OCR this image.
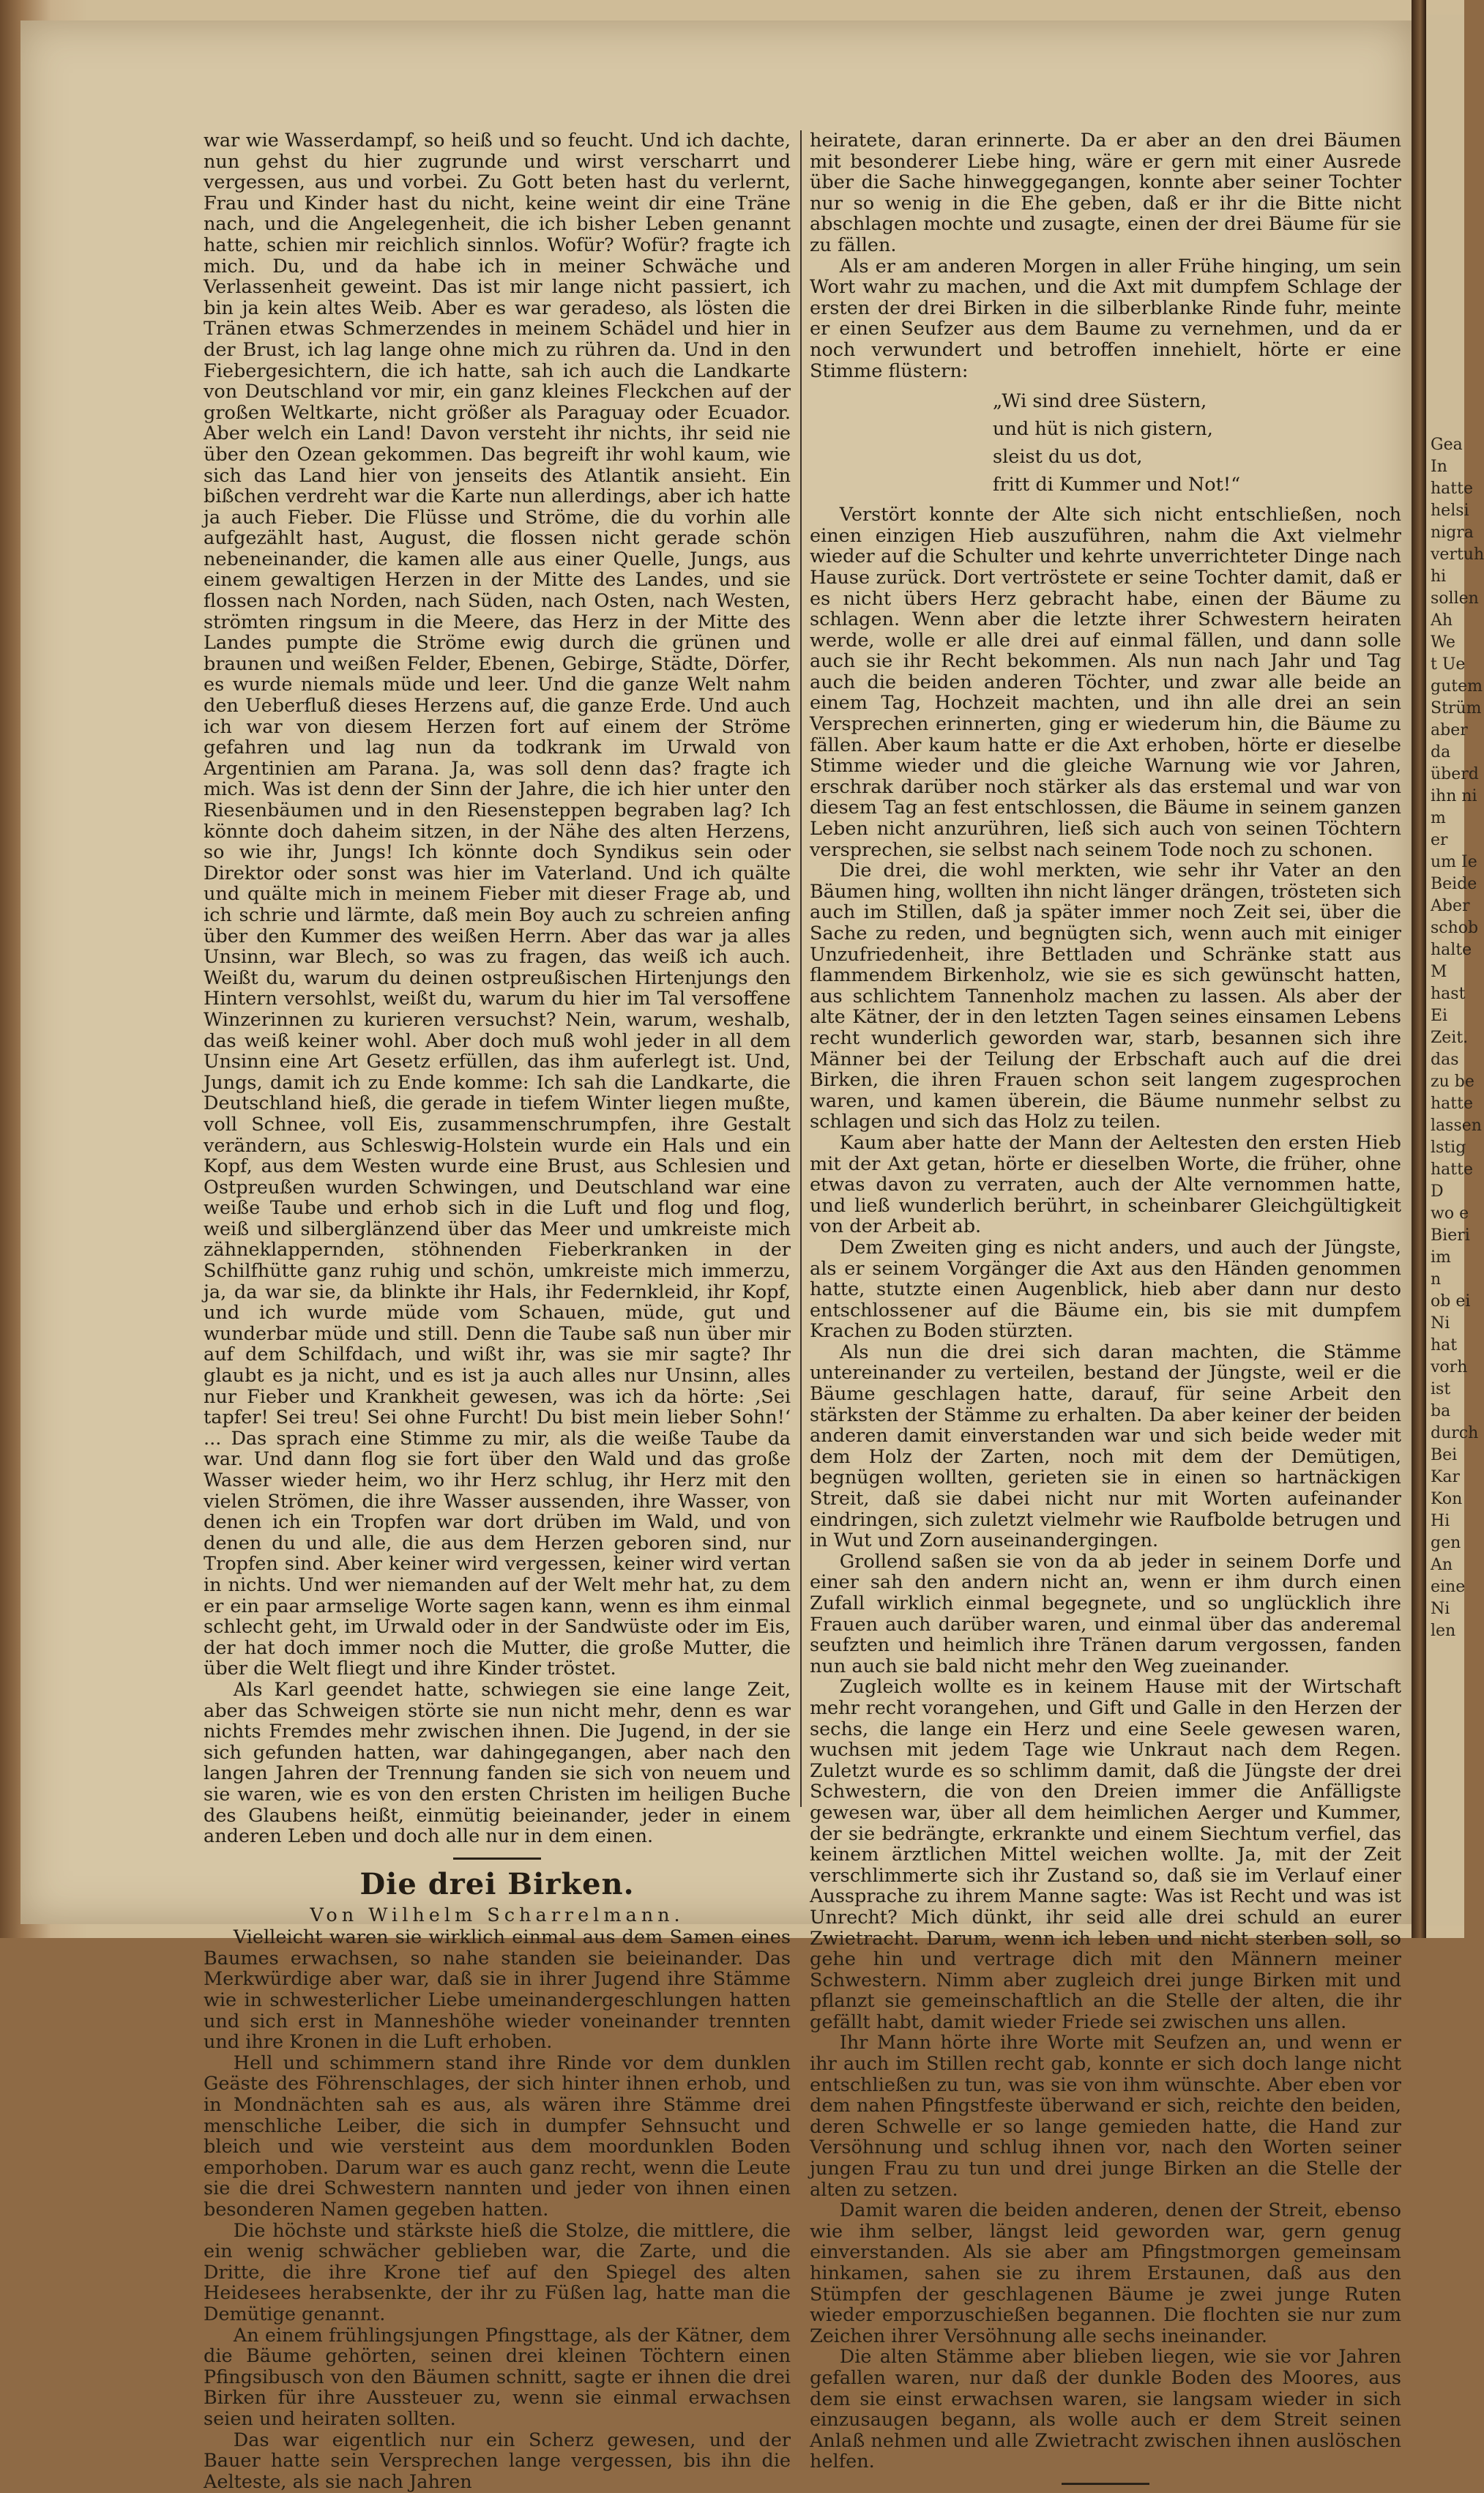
Gea
In
hatte
helsi
nigra
vertuh
hi
sollen
Ah
We
t Ue
gutem
Strüm
aber
da
überd
ihn ni
m
er
um Ie
Beide
Aber
schob
halte
M
hast
Ei
Zeit.
das
zu be
hatte
lassen
lstig
hatte
D
wo e
Bieri
im
n
ob ei
Ni
hat
vorh
ist
ba
durch
Bei
Kar
Kon
Hi
gen
An
eine
Ni
len

war wie Wasserdampf, so heiß und so feucht. Und ich dachte, nun gehst du hier zugrunde und wirst verscharrt und vergessen, aus und vorbei. Zu Gott beten hast du verlernt, Frau und Kinder hast du nicht, keine weint dir eine Träne nach, und die Angelegenheit, die ich bisher Leben genannt hatte, schien mir reichlich sinnlos. Wofür? Wofür? fragte ich mich. Du, und da habe ich in meiner Schwäche und Verlassenheit geweint. Das ist mir lange nicht passiert, ich bin ja kein altes Weib. Aber es war geradeso, als lösten die Tränen etwas Schmerzendes in meinem Schädel und hier in der Brust, ich lag lange ohne mich zu rühren da. Und in den Fiebergesichtern, die ich hatte, sah ich auch die Landkarte von Deutschland vor mir, ein ganz kleines Fleckchen auf der großen Weltkarte, nicht größer als Paraguay oder Ecuador. Aber welch ein Land! Davon versteht ihr nichts, ihr seid nie über den Ozean gekommen. Das begreift ihr wohl kaum, wie sich das Land hier von jenseits des Atlantik ansieht. Ein bißchen verdreht war die Karte nun allerdings, aber ich hatte ja auch Fieber. Die Flüsse und Ströme, die du vorhin alle aufgezählt hast, August, die flossen nicht gerade schön nebeneinander, die kamen alle aus einer Quelle, Jungs, aus einem gewaltigen Herzen in der Mitte des Landes, und sie flossen nach Norden, nach Süden, nach Osten, nach Westen, strömten ringsum in die Meere, das Herz in der Mitte des Landes pumpte die Ströme ewig durch die grünen und braunen und weißen Felder, Ebenen, Gebirge, Städte, Dörfer, es wurde niemals müde und leer. Und die ganze Welt nahm den Ueberfluß dieses Herzens auf, die ganze Erde. Und auch ich war von diesem Herzen fort auf einem der Ströme gefahren und lag nun da todkrank im Urwald von Argentinien am Parana. Ja, was soll denn das? fragte ich mich. Was ist denn der Sinn der Jahre, die ich hier unter den Riesenbäumen und in den Riesensteppen begraben lag? Ich könnte doch daheim sitzen, in der Nähe des alten Herzens, so wie ihr, Jungs! Ich könnte doch Syndikus sein oder Direktor oder sonst was hier im Vaterland. Und ich quälte und quälte mich in meinem Fieber mit dieser Frage ab, und ich schrie und lärmte, daß mein Boy auch zu schreien anfing über den Kummer des weißen Herrn. Aber das war ja alles Unsinn, war Blech, so was zu fragen, das weiß ich auch. Weißt du, warum du deinen ostpreußischen Hirtenjungs den Hintern versohlst, weißt du, warum du hier im Tal versoffene Winzerinnen zu kurieren versuchst? Nein, warum, weshalb, das weiß keiner wohl. Aber doch muß wohl jeder in all dem Unsinn eine Art Gesetz erfüllen, das ihm auferlegt ist. Und, Jungs, damit ich zu Ende komme: Ich sah die Landkarte, die Deutschland hieß, die gerade in tiefem Winter liegen mußte, voll Schnee, voll Eis, zusammenschrumpfen, ihre Gestalt verändern, aus Schleswig-Holstein wurde ein Hals und ein Kopf, aus dem Westen wurde eine Brust, aus Schlesien und Ostpreußen wurden Schwingen, und Deutschland war eine weiße Taube und erhob sich in die Luft und flog und flog, weiß und silberglänzend über das Meer und umkreiste mich zähneklappernden, stöhnenden Fieberkranken in der Schilfhütte ganz ruhig und schön, umkreiste mich immerzu, ja, da war sie, da blinkte ihr Hals, ihr Federnkleid, ihr Kopf, und ich wurde müde vom Schauen, müde, gut und wunderbar müde und still. Denn die Taube saß nun über mir auf dem Schilfdach, und wißt ihr, was sie mir sagte? Ihr glaubt es ja nicht, und es ist ja auch alles nur Unsinn, alles nur Fieber und Krankheit gewesen, was ich da hörte: ‚Sei tapfer! Sei treu! Sei ohne Furcht! Du bist mein lieber Sohn!‘ ... Das sprach eine Stimme zu mir, als die weiße Taube da war. Und dann flog sie fort über den Wald und das große Wasser wieder heim, wo ihr Herz schlug, ihr Herz mit den vielen Strömen, die ihre Wasser aussenden, ihre Wasser, von denen ich ein Tropfen war dort drüben im Wald, und von denen du und alle, die aus dem Herzen geboren sind, nur Tropfen sind. Aber keiner wird vergessen, keiner wird vertan in nichts. Und wer niemanden auf der Welt mehr hat, zu dem er ein paar armselige Worte sagen kann, wenn es ihm einmal schlecht geht, im Urwald oder in der Sandwüste oder im Eis, der hat doch immer noch die Mutter, die große Mutter, die über die Welt fliegt und ihre Kinder tröstet.

Als Karl geendet hatte, schwiegen sie eine lange Zeit, aber das Schweigen störte sie nun nicht mehr, denn es war nichts Fremdes mehr zwischen ihnen. Die Jugend, in der sie sich gefunden hatten, war dahingegangen, aber nach den langen Jahren der Trennung fanden sie sich von neuem und sie waren, wie es von den ersten Christen im heiligen Buche des Glaubens heißt, einmütig beieinander, jeder in einem anderen Leben und doch alle nur in dem einen.

Die drei Birken.
Von Wilhelm Scharrelmann.

Vielleicht waren sie wirklich einmal aus dem Samen eines Baumes erwachsen, so nahe standen sie beieinander. Das Merkwürdige aber war, daß sie in ihrer Jugend ihre Stämme wie in schwesterlicher Liebe umeinandergeschlungen hatten und sich erst in Manneshöhe wieder voneinander trennten und ihre Kronen in die Luft erhoben.

Hell und schimmern stand ihre Rinde vor dem dunklen Geäste des Föhrenschlages, der sich hinter ihnen erhob, und in Mondnächten sah es aus, als wären ihre Stämme drei menschliche Leiber, die sich in dumpfer Sehnsucht und bleich und wie versteint aus dem moordunklen Boden emporhoben. Darum war es auch ganz recht, wenn die Leute sie die drei Schwestern nannten und jeder von ihnen einen besonderen Namen gegeben hatten.

Die höchste und stärkste hieß die Stolze, die mittlere, die ein wenig schwächer geblieben war, die Zarte, und die Dritte, die ihre Krone tief auf den Spiegel des alten Heidesees herabsenkte, der ihr zu Füßen lag, hatte man die Demütige genannt.

An einem frühlingsjungen Pfingsttage, als der Kätner, dem die Bäume gehörten, seinen drei kleinen Töchtern einen Pfingsibusch von den Bäumen schnitt, sagte er ihnen die drei Birken für ihre Aussteuer zu, wenn sie einmal erwachsen seien und heiraten sollten.

Das war eigentlich nur ein Scherz gewesen, und der Bauer hatte sein Versprechen lange vergessen, bis ihn die Aelteste, als sie nach Jahren

heiratete, daran erinnerte. Da er aber an den drei Bäumen mit besonderer Liebe hing, wäre er gern mit einer Ausrede über die Sache hinweggegangen, konnte aber seiner Tochter nur so wenig in die Ehe geben, daß er ihr die Bitte nicht abschlagen mochte und zusagte, einen der drei Bäume für sie zu fällen.

Als er am anderen Morgen in aller Frühe hinging, um sein Wort wahr zu machen, und die Axt mit dumpfem Schlage der ersten der drei Birken in die silberblanke Rinde fuhr, meinte er einen Seufzer aus dem Baume zu vernehmen, und da er noch verwundert und betroffen innehielt, hörte er eine Stimme flüstern:

„Wi sind dree Süstern,
und hüt is nich gistern,
sleist du us dot,
fritt di Kummer und Not!“

Verstört konnte der Alte sich nicht entschließen, noch einen einzigen Hieb auszuführen, nahm die Axt vielmehr wieder auf die Schulter und kehrte unverrichteter Dinge nach Hause zurück. Dort vertröstete er seine Tochter damit, daß er es nicht übers Herz gebracht habe, einen der Bäume zu schlagen. Wenn aber die letzte ihrer Schwestern heiraten werde, wolle er alle drei auf einmal fällen, und dann solle auch sie ihr Recht bekommen. Als nun nach Jahr und Tag auch die beiden anderen Töchter, und zwar alle beide an einem Tag, Hochzeit machten, und ihn alle drei an sein Versprechen erinnerten, ging er wiederum hin, die Bäume zu fällen. Aber kaum hatte er die Axt erhoben, hörte er dieselbe Stimme wieder und die gleiche Warnung wie vor Jahren, erschrak darüber noch stärker als das erstemal und war von diesem Tag an fest entschlossen, die Bäume in seinem ganzen Leben nicht anzurühren, ließ sich auch von seinen Töchtern versprechen, sie selbst nach seinem Tode noch zu schonen.

Die drei, die wohl merkten, wie sehr ihr Vater an den Bäumen hing, wollten ihn nicht länger drängen, trösteten sich auch im Stillen, daß ja später immer noch Zeit sei, über die Sache zu reden, und begnügten sich, wenn auch mit einiger Unzufriedenheit, ihre Bettladen und Schränke statt aus flammendem Birkenholz, wie sie es sich gewünscht hatten, aus schlichtem Tannenholz machen zu lassen. Als aber der alte Kätner, der in den letzten Tagen seines einsamen Lebens recht wunderlich geworden war, starb, besannen sich ihre Männer bei der Teilung der Erbschaft auch auf die drei Birken, die ihren Frauen schon seit langem zugesprochen waren, und kamen überein, die Bäume nunmehr selbst zu schlagen und sich das Holz zu teilen.

Kaum aber hatte der Mann der Aeltesten den ersten Hieb mit der Axt getan, hörte er dieselben Worte, die früher, ohne etwas davon zu verraten, auch der Alte vernommen hatte, und ließ wunderlich berührt, in scheinbarer Gleichgültigkeit von der Arbeit ab.

Dem Zweiten ging es nicht anders, und auch der Jüngste, als er seinem Vorgänger die Axt aus den Händen genommen hatte, stutzte einen Augenblick, hieb aber dann nur desto entschlossener auf die Bäume ein, bis sie mit dumpfem Krachen zu Boden stürzten.

Als nun die drei sich daran machten, die Stämme untereinander zu verteilen, bestand der Jüngste, weil er die Bäume geschlagen hatte, darauf, für seine Arbeit den stärksten der Stämme zu erhalten. Da aber keiner der beiden anderen damit einverstanden war und sich beide weder mit dem Holz der Zarten, noch mit dem der Demütigen, begnügen wollten, gerieten sie in einen so hartnäckigen Streit, daß sie dabei nicht nur mit Worten aufeinander eindringen, sich zuletzt vielmehr wie Raufbolde betrugen und in Wut und Zorn auseinandergingen.

Grollend saßen sie von da ab jeder in seinem Dorfe und einer sah den andern nicht an, wenn er ihm durch einen Zufall wirklich einmal begegnete, und so unglücklich ihre Frauen auch darüber waren, und einmal über das anderemal seufzten und heimlich ihre Tränen darum vergossen, fanden nun auch sie bald nicht mehr den Weg zueinander.

Zugleich wollte es in keinem Hause mit der Wirtschaft mehr recht vorangehen, und Gift und Galle in den Herzen der sechs, die lange ein Herz und eine Seele gewesen waren, wuchsen mit jedem Tage wie Unkraut nach dem Regen. Zuletzt wurde es so schlimm damit, daß die Jüngste der drei Schwestern, die von den Dreien immer die Anfälligste gewesen war, über all dem heimlichen Aerger und Kummer, der sie bedrängte, erkrankte und einem Siechtum verfiel, das keinem ärztlichen Mittel weichen wollte. Ja, mit der Zeit verschlimmerte sich ihr Zustand so, daß sie im Verlauf einer Aussprache zu ihrem Manne sagte: Was ist Recht und was ist Unrecht? Mich dünkt, ihr seid alle drei schuld an eurer Zwietracht. Darum, wenn ich leben und nicht sterben soll, so gehe hin und vertrage dich mit den Männern meiner Schwestern. Nimm aber zugleich drei junge Birken mit und pflanzt sie gemeinschaftlich an die Stelle der alten, die ihr gefällt habt, damit wieder Friede sei zwischen uns allen.

Ihr Mann hörte ihre Worte mit Seufzen an, und wenn er ihr auch im Stillen recht gab, konnte er sich doch lange nicht entschließen zu tun, was sie von ihm wünschte. Aber eben vor dem nahen Pfingstfeste überwand er sich, reichte den beiden, deren Schwelle er so lange gemieden hatte, die Hand zur Versöhnung und schlug ihnen vor, nach den Worten seiner jungen Frau zu tun und drei junge Birken an die Stelle der alten zu setzen.

Damit waren die beiden anderen, denen der Streit, ebenso wie ihm selber, längst leid geworden war, gern genug einverstanden. Als sie aber am Pfingstmorgen gemeinsam hinkamen, sahen sie zu ihrem Erstaunen, daß aus den Stümpfen der geschlagenen Bäume je zwei junge Ruten wieder emporzuschießen begannen. Die flochten sie nur zum Zeichen ihrer Versöhnung alle sechs ineinander.

Die alten Stämme aber blieben liegen, wie sie vor Jahren gefallen waren, nur daß der dunkle Boden des Moores, aus dem sie einst erwachsen waren, sie langsam wieder in sich einzusaugen begann, als wolle auch er dem Streit seinen Anlaß nehmen und alle Zwietracht zwischen ihnen auslöschen helfen.
